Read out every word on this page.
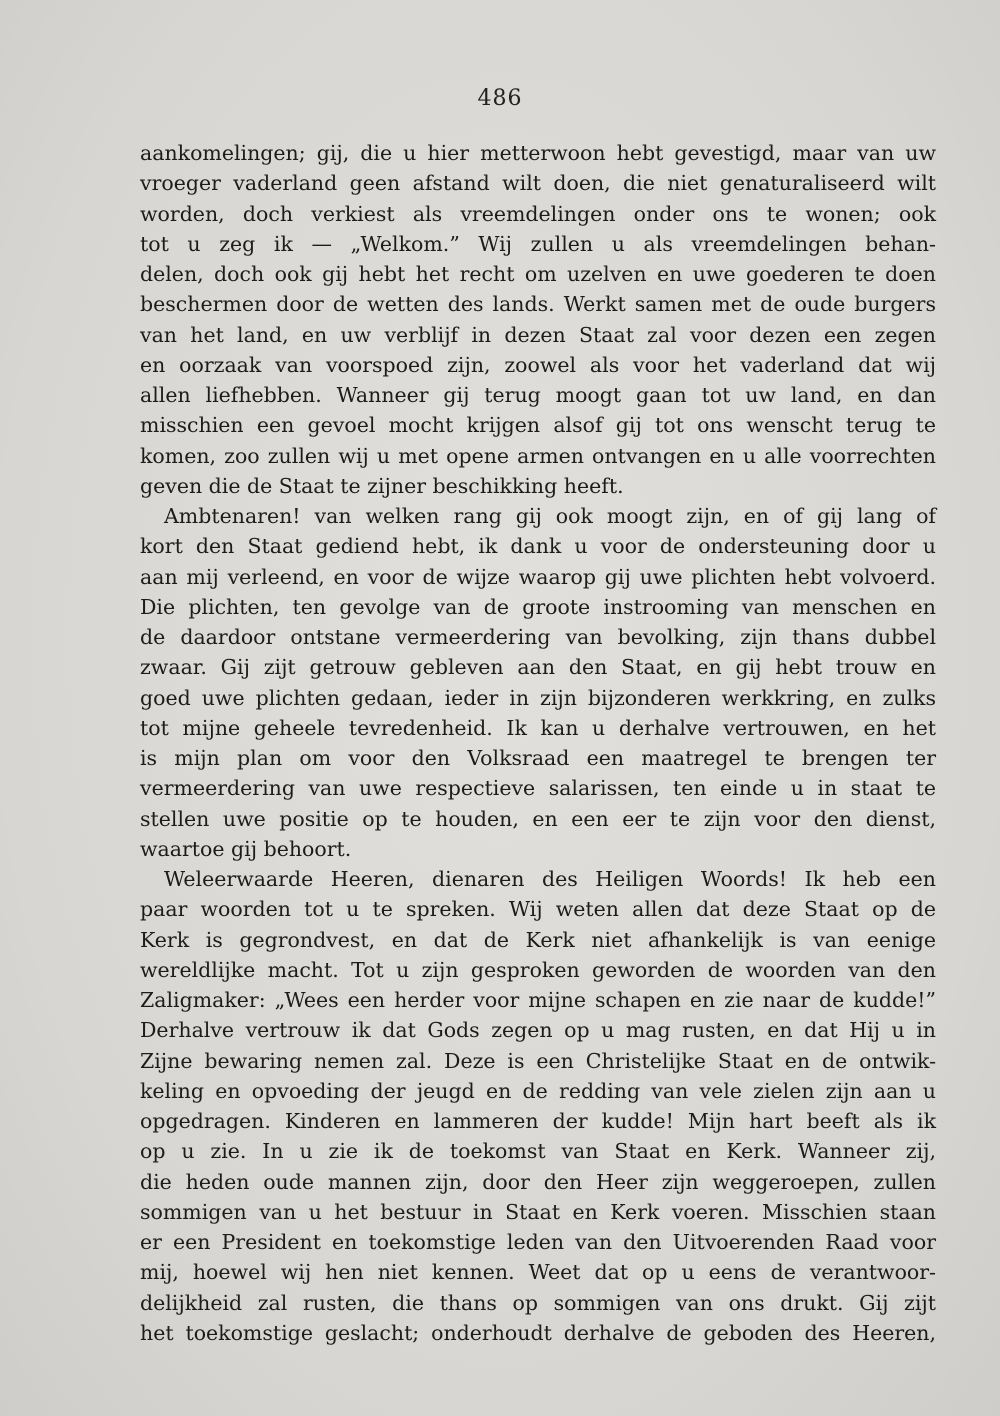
486
aankomelingen; gij, die u hier metterwoon hebt gevestigd, maar van uw
vroeger vaderland geen afstand wilt doen, die niet genaturaliseerd wilt
worden, doch verkiest als vreemdelingen onder ons te wonen; ook
tot u zeg ik — „Welkom.” Wij zullen u als vreemdelingen behan-
delen, doch ook gij hebt het recht om uzelven en uwe goederen te doen
beschermen door de wetten des lands. Werkt samen met de oude burgers
van het land, en uw verblijf in dezen Staat zal voor dezen een zegen
en oorzaak van voorspoed zijn, zoowel als voor het vaderland dat wij
allen liefhebben. Wanneer gij terug moogt gaan tot uw land, en dan
misschien een gevoel mocht krijgen alsof gij tot ons wenscht terug te
komen, zoo zullen wij u met opene armen ontvangen en u alle voorrechten
geven die de Staat te zijner beschikking heeft.
Ambtenaren! van welken rang gij ook moogt zijn, en of gij lang of
kort den Staat gediend hebt, ik dank u voor de ondersteuning door u
aan mij verleend, en voor de wijze waarop gij uwe plichten hebt volvoerd.
Die plichten, ten gevolge van de groote instrooming van menschen en
de daardoor ontstane vermeerdering van bevolking, zijn thans dubbel
zwaar. Gij zijt getrouw gebleven aan den Staat, en gij hebt trouw en
goed uwe plichten gedaan, ieder in zijn bijzonderen werkkring, en zulks
tot mijne geheele tevredenheid. Ik kan u derhalve vertrouwen, en het
is mijn plan om voor den Volksraad een maatregel te brengen ter
vermeerdering van uwe respectieve salarissen, ten einde u in staat te
stellen uwe positie op te houden, en een eer te zijn voor den dienst,
waartoe gij behoort.
Weleerwaarde Heeren, dienaren des Heiligen Woords! Ik heb een
paar woorden tot u te spreken. Wij weten allen dat deze Staat op de
Kerk is gegrondvest, en dat de Kerk niet afhankelijk is van eenige
wereldlijke macht. Tot u zijn gesproken geworden de woorden van den
Zaligmaker: „Wees een herder voor mijne schapen en zie naar de kudde!”
Derhalve vertrouw ik dat Gods zegen op u mag rusten, en dat Hij u in
Zijne bewaring nemen zal. Deze is een Christelijke Staat en de ontwik-
keling en opvoeding der jeugd en de redding van vele zielen zijn aan u
opgedragen. Kinderen en lammeren der kudde! Mijn hart beeft als ik
op u zie. In u zie ik de toekomst van Staat en Kerk. Wanneer zij,
die heden oude mannen zijn, door den Heer zijn weggeroepen, zullen
sommigen van u het bestuur in Staat en Kerk voeren. Misschien staan
er een President en toekomstige leden van den Uitvoerenden Raad voor
mij, hoewel wij hen niet kennen. Weet dat op u eens de verantwoor-
delijkheid zal rusten, die thans op sommigen van ons drukt. Gij zijt
het toekomstige geslacht; onderhoudt derhalve de geboden des Heeren,
